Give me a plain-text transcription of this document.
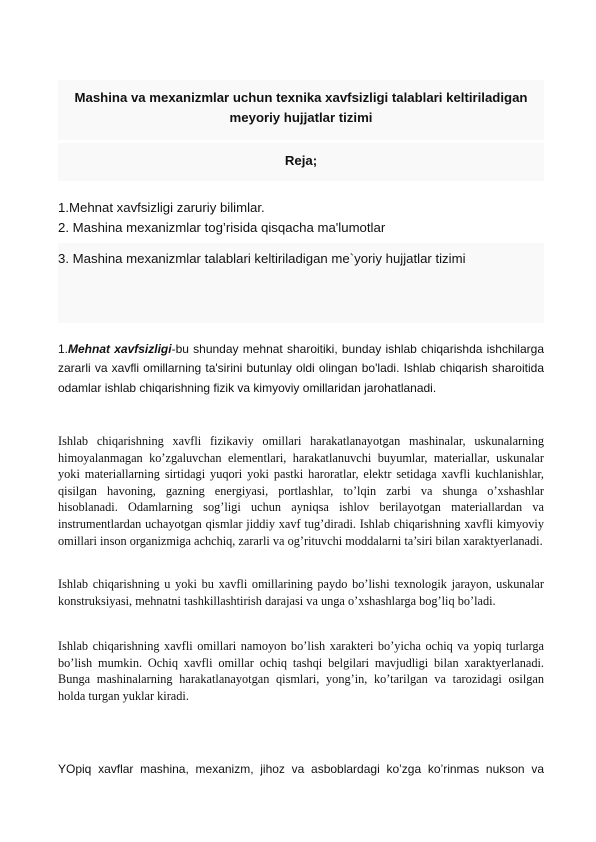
Mashina va mexanizmlar uchun texnika xavfsizligi talablari keltiriladigan meyoriy hujjatlar tizimi
Reja;
1.Mehnat xavfsizligi zaruriy bilimlar.
2. Mashina mexanizmlar tog’risida qisqacha ma'lumotlar
3. Mashina mexanizmlar talablari keltiriladigan me`yoriy hujjatlar tizimi

1.Mehnat xavfsizligi-bu shunday mehnat sharoitiki, bunday ishlab chiqarishda ishchilarga zararli va xavfli omillarning ta'sirini butunlay oldi olingan bo'ladi. Ishlab chiqarish sharoitida odamlar ishlab chiqarishning fizik va kimyoviy omillaridan jarohatlanadi.

Ishlab chiqarishning xavfli fizikaviy omillari harakatlanayotgan mashinalar, uskunalarning himoyalanmagan ko’zgaluvchan elementlari, harakatlanuvchi buyumlar, materiallar, uskunalar yoki materiallarning sirtidagi yuqori yoki pastki haroratlar, elektr setidaga xavfli kuchlanishlar, qisilgan havoning, gazning energiyasi, portlashlar, to’lqin zarbi va shunga o’xshashlar hisoblanadi. Odamlarning sog’ligi uchun ayniqsa ishlov berilayotgan materiallardan va instrumentlardan uchayotgan qismlar jiddiy xavf tug’diradi. Ishlab chiqarishning xavfli kimyoviy omillari inson organizmiga achchiq, zararli va og’rituvchi moddalarni ta’siri bilan xaraktyerlanadi.

Ishlab chiqarishning u yoki bu xavfli omillarining paydo bo’lishi texnologik jarayon, uskunalar konstruksiyasi, mehnatni tashkillashtirish darajasi va unga o’xshashlarga bog’liq bo’ladi.

Ishlab chiqarishning xavfli omillari namoyon bo’lish xarakteri bo’yicha ochiq va yopiq turlarga bo’lish mumkin. Ochiq xavfli omillar ochiq tashqi belgilari mavjudligi bilan xaraktyerlanadi. Bunga mashinalarning harakatlanayotgan qismlari, yong’in, ko’tarilgan va tarozidagi osilgan holda turgan yuklar kiradi.

YOpiq xavflar mashina, mexanizm, jihoz va asboblardagi ko’zga ko’rinmas nukson va
